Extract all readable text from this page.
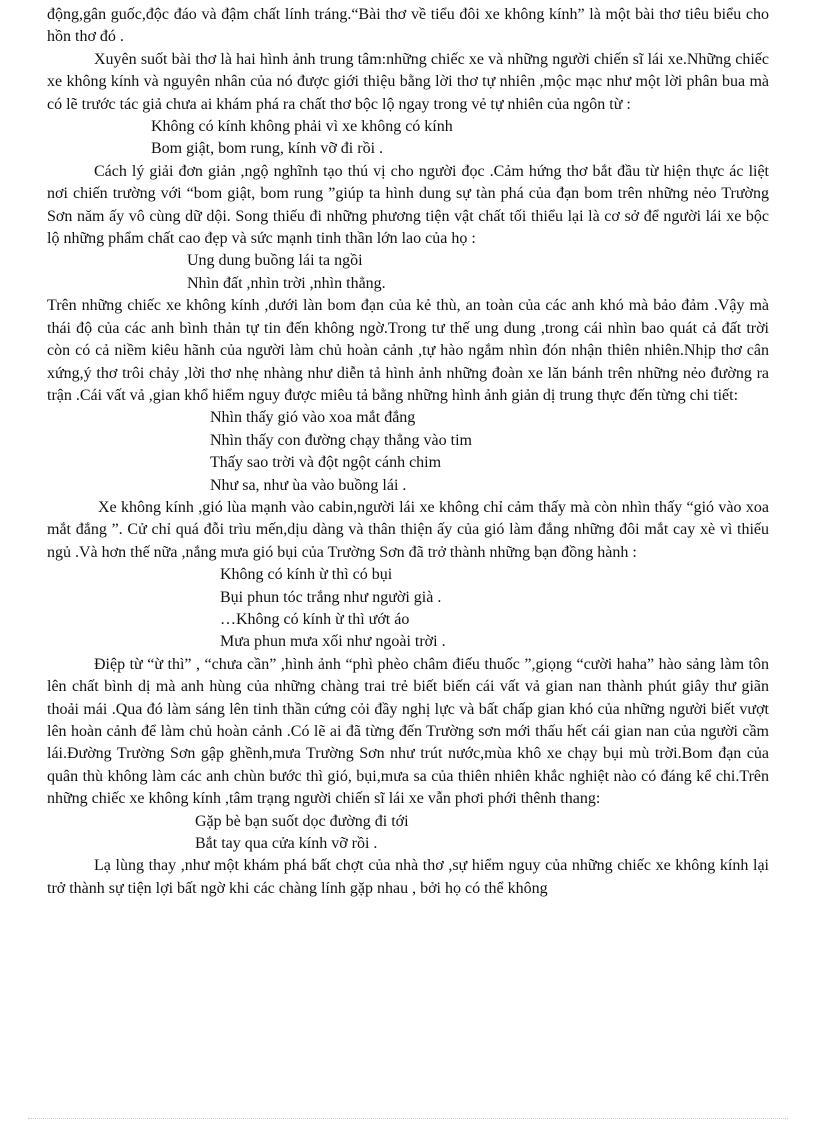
động,gân guốc,độc đáo và đậm chất lính tráng.“Bài thơ về tiểu đôi xe không kính” là một bài thơ tiêu biểu cho hồn thơ đó .

Xuyên suốt bài thơ là hai hình ảnh trung tâm:những chiếc xe và những người chiến sĩ lái xe.Những chiếc xe không kính và nguyên nhân của nó được giới thiệu bằng lời thơ tự nhiên ,mộc mạc như một lời phân bua mà có lẽ trước tác giả chưa ai khám phá ra chất thơ bộc lộ ngay trong vẻ tự nhiên của ngôn từ :

Không có kính không phải vì xe không có kính

Bom giật, bom rung, kính vỡ đi rồi .

Cách lý giải đơn giản ,ngộ nghĩnh tạo thú vị cho người đọc .Cảm hứng thơ bắt đầu từ hiện thực ác liệt nơi chiến trường với “bom giật, bom rung ”giúp ta hình dung sự tàn phá của đạn bom trên những nẻo Trường Sơn năm ấy vô cùng dữ dội. Song thiếu đi những phương tiện vật chất tối thiểu lại là cơ sở để người lái xe bộc lộ những phẩm chất cao đẹp và sức mạnh tinh thần lớn lao của họ :

Ung dung buồng lái ta ngồi

Nhìn đất ,nhìn trời ,nhìn thẳng.

Trên những chiếc xe không kính ,dưới làn bom đạn của kẻ thù, an toàn của các anh khó mà bảo đảm .Vậy mà thái độ của các anh bình thản tự tin đến không ngờ.Trong tư thế ung dung ,trong cái nhìn bao quát cả đất trời còn có cả niềm kiêu hãnh của người làm chủ hoàn cảnh ,tự hào ngắm nhìn đón nhận thiên nhiên.Nhịp thơ cân xứng,ý thơ trôi chảy ,lời thơ nhẹ nhàng như diễn tả hình ảnh những đoàn xe lăn bánh trên những nẻo đường ra trận .Cái vất vả ,gian khổ hiểm nguy được miêu tả bằng những hình ảnh giản dị trung thực đến từng chi tiết:

Nhìn thấy gió vào xoa mắt đắng

Nhìn thấy con đường chạy thẳng vào tim

Thấy sao trời và đột ngột cánh chim

Như sa, như ùa vào buồng lái .

Xe không kính ,gió lùa mạnh vào cabin,người lái xe không chỉ cảm thấy mà còn nhìn thấy “gió vào xoa mắt đắng ”. Cử chỉ quá đỗi trìu mến,dịu dàng và thân thiện ấy của gió làm đắng những đôi mắt cay xè vì thiếu ngủ .Và hơn thế nữa ,nắng mưa gió bụi của Trường Sơn đã trở thành những bạn đồng hành :

Không có kính ừ thì có bụi

Bụi phun tóc trắng như người già .

…Không có kính ừ thì ướt áo

Mưa phun mưa xối như ngoài trời .

Điệp từ “ừ thì” , “chưa cần” ,hình ảnh “phì phèo châm điếu thuốc ”,giọng “cười haha” hào sảng làm tôn lên chất bình dị mà anh hùng của những chàng trai trẻ biết biến cái vất vả gian nan thành phút giây thư giãn thoải mái .Qua đó làm sáng lên tinh thần cứng cỏi đầy nghị lực và bất chấp gian khó của những người biết vượt lên hoàn cảnh để làm chủ hoàn cảnh .Có lẽ ai đã từng đến Trường sơn mới thấu hết cái gian nan của người cầm lái.Đường Trường Sơn gập ghềnh,mưa Trường Sơn như trút nước,mùa khô xe chạy bụi mù trời.Bom đạn của quân thù không làm các anh chùn bước thì gió, bụi,mưa sa của thiên nhiên khắc nghiệt nào có đáng kể chi.Trên những chiếc xe không kính ,tâm trạng người chiến sĩ lái xe vẫn phơi phới thênh thang:

Gặp bè bạn suốt dọc đường đi tới

Bắt tay qua cửa kính vỡ rồi .

Lạ lùng thay ,như một khám phá bất chợt của nhà thơ ,sự hiểm nguy của những chiếc xe không kính lại trở thành sự tiện lợi bất ngờ khi các chàng lính gặp nhau , bởi họ có thể không
